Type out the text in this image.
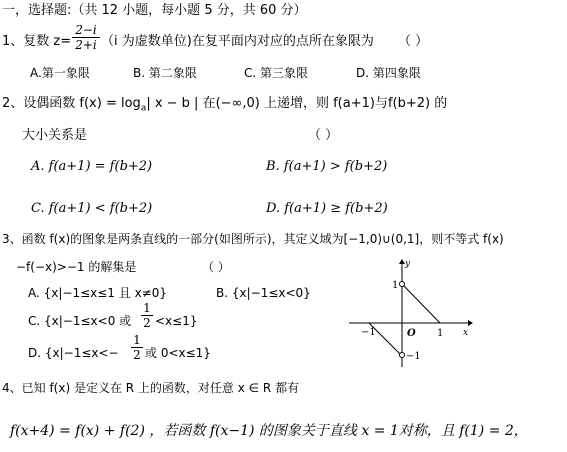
一，选择题:（共 12 小题，每小题 5 分，共 60 分）
1、复数 $z= \frac{2-i}{2+i} (i$ 为虚数单位)在复平面内对应的点所在象限为 （ ）
A.第一象限	B. 第二象限	C. 第三象限	D. 第四象限
2、设偶函数 $f(x) = \log_a|$ x − b | 在(−∞,0) 上递增，则 f(a+1)与f(b+2) 的
大小关系是	（ ）
A. f(a+1) = f(b+2)	B. f(a+1) > f(b+2)
C. f(a+1) < f(b+2)	D. f(a+1) ≥ f(b+2)
3、函数 f(x)的图象是两条直线的一部分(如图所示)，其定义域为[−1,0)∪(0,1]，则不等式 f(x)
−f(−x)>−1 的解集是	（ ）
A. {x|−1≤x≤1 且 x≠0}	B. {x|−1≤x<0}
C. {x|−1≤x<0 或 $\frac{1}{2} <x\le 1$}
D. {$x|-1\le x<- \frac{1}{2}$ 或 0<x≤1}
y
x
O
−1	1
1
−1
4、已知 f(x) 是定义在 R 上的函数，对任意 x ∈ R 都有
f(x+4) = f(x) + f(2) ，若函数 f(x−1) 的图象关于直线 x = 1对称，且 f(1) = 2，
